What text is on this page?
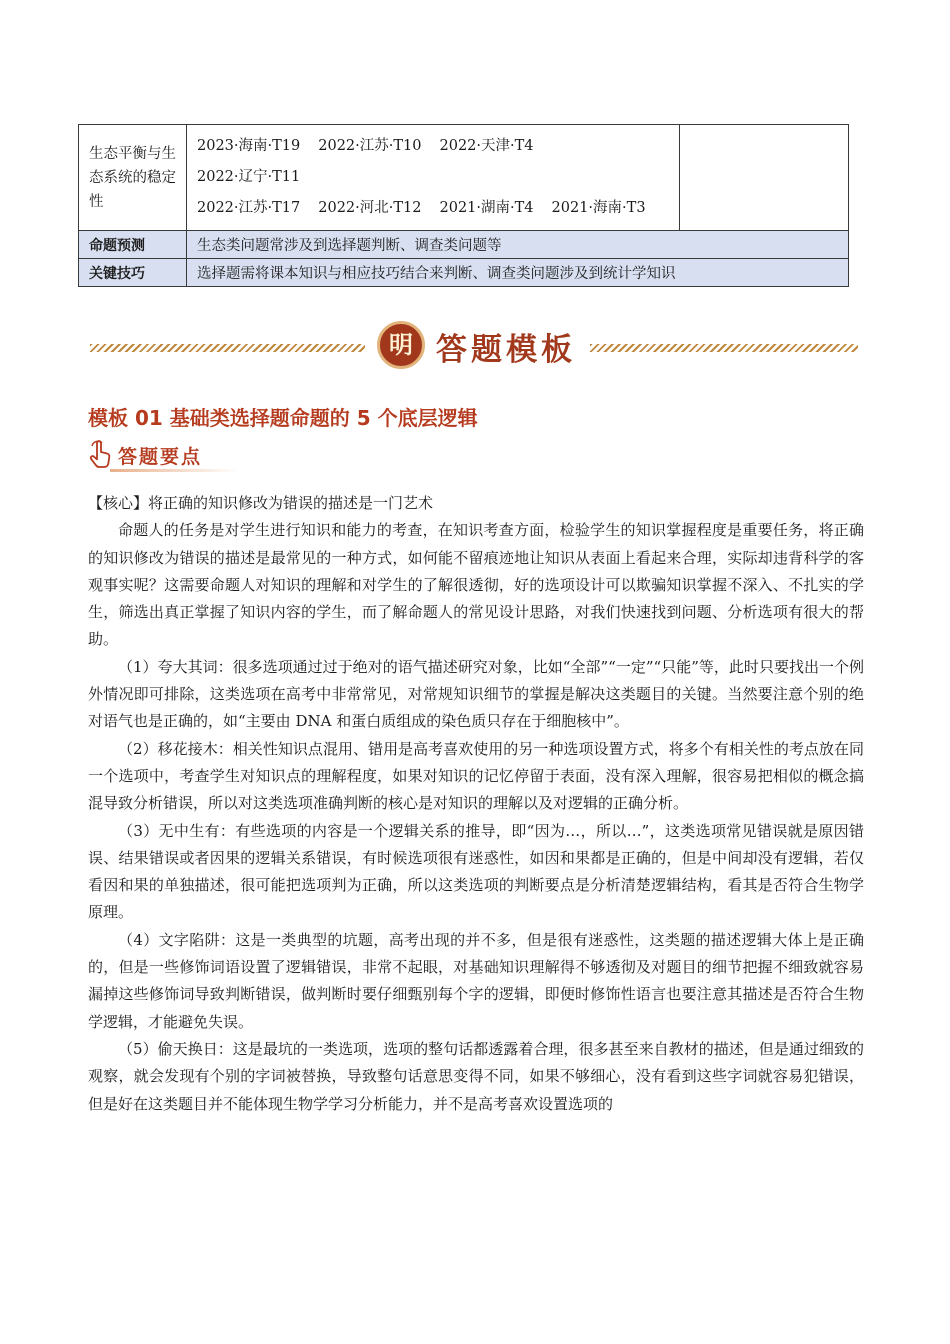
生态平衡与生态系统的稳定性	2023·海南·T19 2022·江苏·T10 2022·天津·T42022·辽宁·T11
2022·江苏·T17 2022·河北·T12 2021·湖南·T4 2021·海南·T3	

命题预测	生态类问题常涉及到选择题判断、调查类问题等	
关键技巧	选择题需将课本知识与相应技巧结合来判断、调查类问题涉及到统计学知识	
明 答题模板
模板 01 基础类选择题命题的 5 个底层逻辑
答题要点

【核心】将正确的知识修改为错误的描述是一门艺术

命题人的任务是对学生进行知识和能力的考查，在知识考查方面，检验学生的知识掌握程度是重要任务，将正确的知识修改为错误的描述是最常见的一种方式，如何能不留痕迹地让知识从表面上看起来合理，实际却违背科学的客观事实呢？这需要命题人对知识的理解和对学生的了解很透彻，好的选项设计可以欺骗知识掌握不深入、不扎实的学生，筛选出真正掌握了知识内容的学生，而了解命题人的常见设计思路，对我们快速找到问题、分析选项有很大的帮助。

（1）夸大其词：很多选项通过过于绝对的语气描述研究对象，比如“全部”“一定”“只能”等，此时只要找出一个例外情况即可排除，这类选项在高考中非常常见，对常规知识细节的掌握是解决这类题目的关键。当然要注意个别的绝对语气也是正确的，如“主要由 DNA 和蛋白质组成的染色质只存在于细胞核中”。

（2）移花接木：相关性知识点混用、错用是高考喜欢使用的另一种选项设置方式，将多个有相关性的考点放在同一个选项中，考查学生对知识点的理解程度，如果对知识的记忆停留于表面，没有深入理解，很容易把相似的概念搞混导致分析错误，所以对这类选项准确判断的核心是对知识的理解以及对逻辑的正确分析。

（3）无中生有：有些选项的内容是一个逻辑关系的推导，即“因为…，所以…”，这类选项常见错误就是原因错误、结果错误或者因果的逻辑关系错误，有时候选项很有迷惑性，如因和果都是正确的，但是中间却没有逻辑，若仅看因和果的单独描述，很可能把选项判为正确，所以这类选项的判断要点是分析清楚逻辑结构，看其是否符合生物学原理。

（4）文字陷阱：这是一类典型的坑题，高考出现的并不多，但是很有迷惑性，这类题的描述逻辑大体上是正确的，但是一些修饰词语设置了逻辑错误，非常不起眼，对基础知识理解得不够透彻及对题目的细节把握不细致就容易漏掉这些修饰词导致判断错误，做判断时要仔细甄别每个字的逻辑，即便时修饰性语言也要注意其描述是否符合生物学逻辑，才能避免失误。

（5）偷天换日：这是最坑的一类选项，选项的整句话都透露着合理，很多甚至来自教材的描述，但是通过细致的观察，就会发现有个别的字词被替换，导致整句话意思变得不同，如果不够细心，没有看到这些字词就容易犯错误，但是好在这类题目并不能体现生物学学习分析能力，并不是高考喜欢设置选项的
